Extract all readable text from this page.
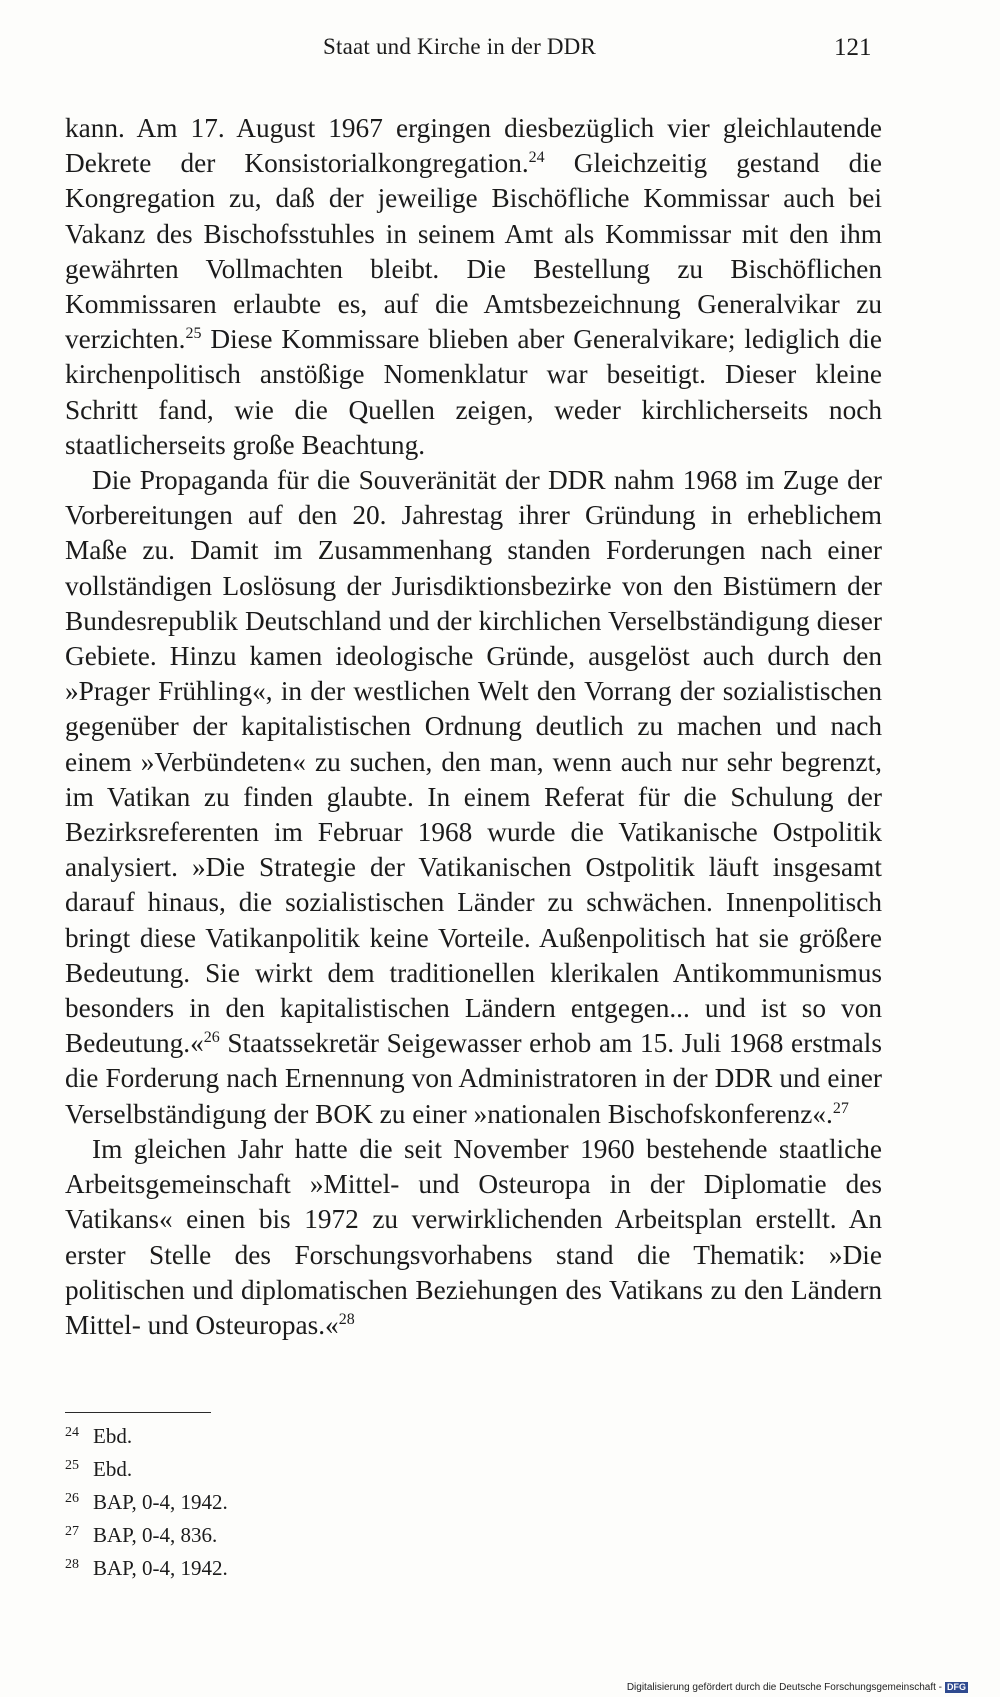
Staat und Kirche in der DDR	121

kann. Am 17. August 1967 ergingen diesbezüglich vier gleichlautende Dekrete der Konsistorialkongregation.$^{24}$ Gleichzeitig gestand die Kongregation zu, daß der jeweilige Bischöfliche Kommissar auch bei Vakanz des Bischofsstuhles in seinem Amt als Kommissar mit den ihm gewährten Vollmachten bleibt. Die Bestellung zu Bischöflichen Kommissaren erlaubte es, auf die Amtsbezeichnung Generalvikar zu verzichten.$^{25}$ Diese Kommissare blieben aber Generalvikare; lediglich die kirchenpolitisch anstößige Nomenklatur war beseitigt. Dieser kleine Schritt fand, wie die Quellen zeigen, weder kirchlicherseits noch staatlicherseits große Beachtung.

Die Propaganda für die Souveränität der DDR nahm 1968 im Zuge der Vorbereitungen auf den 20. Jahrestag ihrer Gründung in erheblichem Maße zu. Damit im Zusammenhang standen Forderungen nach einer vollständigen Loslösung der Jurisdiktionsbezirke von den Bistümern der Bundesrepublik Deutschland und der kirchlichen Verselbständigung dieser Gebiete. Hinzu kamen ideologische Gründe, ausgelöst auch durch den »Prager Frühling«, in der westlichen Welt den Vorrang der sozialistischen gegenüber der kapitalistischen Ordnung deutlich zu machen und nach einem »Verbündeten« zu suchen, den man, wenn auch nur sehr begrenzt, im Vatikan zu finden glaubte. In einem Referat für die Schulung der Bezirksreferenten im Februar 1968 wurde die Vatikanische Ostpolitik analysiert. »Die Strategie der Vatikanischen Ostpolitik läuft insgesamt darauf hinaus, die sozialistischen Länder zu schwächen. Innenpolitisch bringt diese Vatikanpolitik keine Vorteile. Außenpolitisch hat sie größere Bedeutung. Sie wirkt dem traditionellen klerikalen Antikommunismus besonders in den kapitalistischen Ländern entgegen... und ist so von Bedeutung.«$^{26}$ Staatssekretär Seigewasser erhob am 15. Juli 1968 erstmals die Forderung nach Ernennung von Administratoren in der DDR und einer Verselbständigung der BOK zu einer »nationalen Bischofskonferenz«.$^{27}$

Im gleichen Jahr hatte die seit November 1960 bestehende staatliche Arbeitsgemeinschaft »Mittel- und Osteuropa in der Diplomatie des Vatikans« einen bis 1972 zu verwirklichenden Arbeitsplan erstellt. An erster Stelle des Forschungsvorhabens stand die Thematik: »Die politischen und diplomatischen Beziehungen des Vatikans zu den Ländern Mittel- und Osteuropas.«$^{28}$

24 Ebd.
25 Ebd.
26 BAP, 0-4, 1942.
27 BAP, 0-4, 836.
28 BAP, 0-4, 1942.
Digitalisierung gefördert durch die Deutsche Forschungsgemeinschaft - DFG
